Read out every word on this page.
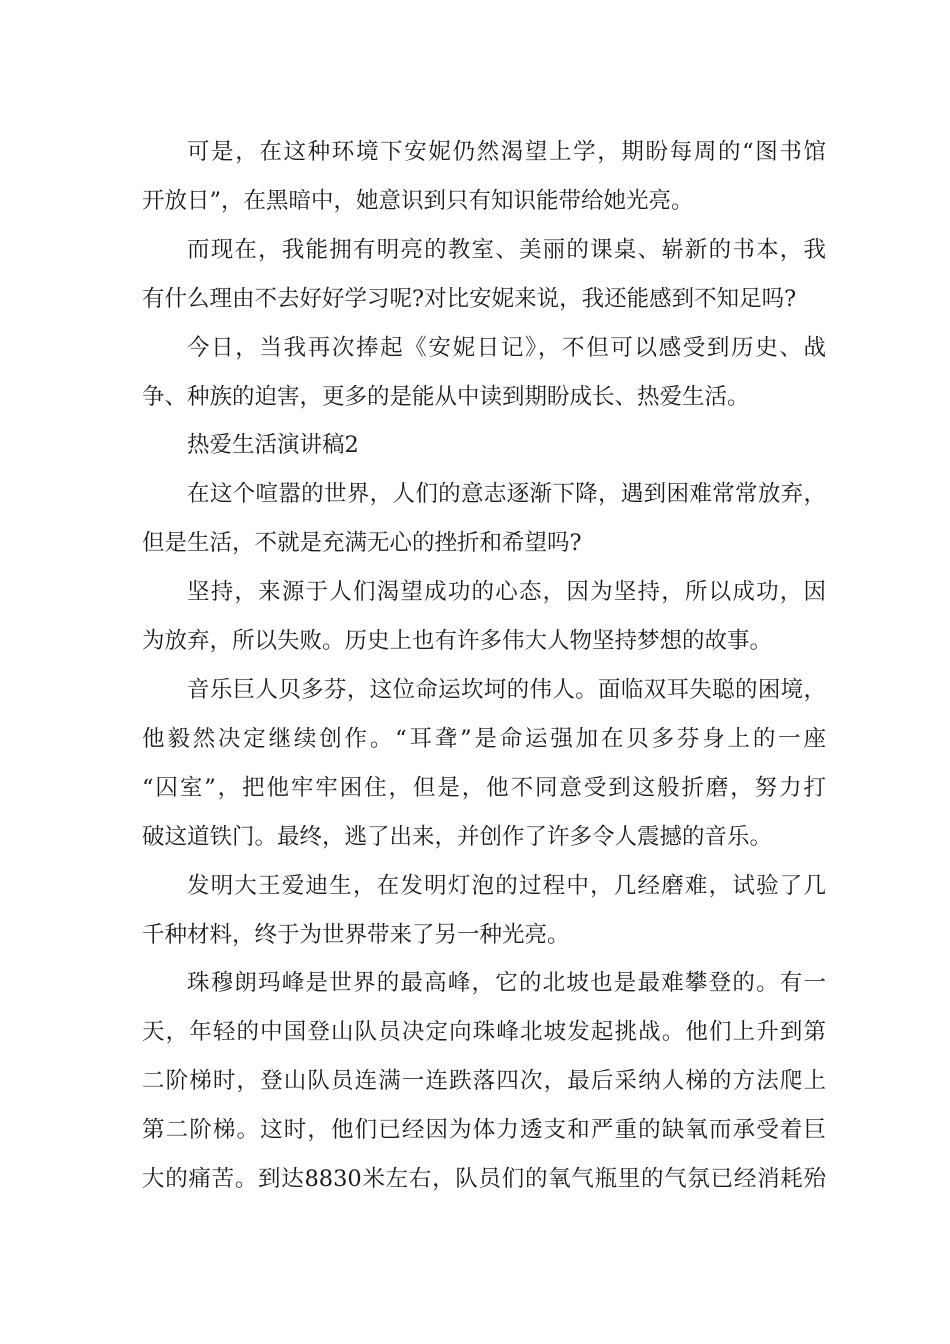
可是，在这种环境下安妮仍然渴望上学，期盼每周的“图书馆
开放日”，在黑暗中，她意识到只有知识能带给她光亮。

而现在，我能拥有明亮的教室、美丽的课桌、崭新的书本，我
有什么理由不去好好学习呢?对比安妮来说，我还能感到不知足吗?

今日，当我再次捧起《安妮日记》，不但可以感受到历史、战
争、种族的迫害，更多的是能从中读到期盼成长、热爱生活。

热爱生活演讲稿2

在这个喧嚣的世界，人们的意志逐渐下降，遇到困难常常放弃，
但是生活，不就是充满无心的挫折和希望吗?

坚持，来源于人们渴望成功的心态，因为坚持，所以成功，因
为放弃，所以失败。历史上也有许多伟大人物坚持梦想的故事。

音乐巨人贝多芬，这位命运坎坷的伟人。面临双耳失聪的困境，
他毅然决定继续创作。“耳聋”是命运强加在贝多芬身上的一座
“囚室”，把他牢牢困住，但是，他不同意受到这般折磨，努力打
破这道铁门。最终，逃了出来，并创作了许多令人震撼的音乐。

发明大王爱迪生，在发明灯泡的过程中，几经磨难，试验了几
千种材料，终于为世界带来了另一种光亮。

珠穆朗玛峰是世界的最高峰，它的北坡也是最难攀登的。有一
天，年轻的中国登山队员决定向珠峰北坡发起挑战。他们上升到第
二阶梯时，登山队员连满一连跌落四次，最后采纳人梯的方法爬上
第二阶梯。这时，他们已经因为体力透支和严重的缺氧而承受着巨
大的痛苦。到达8830米左右，队员们的氧气瓶里的气氛已经消耗殆
